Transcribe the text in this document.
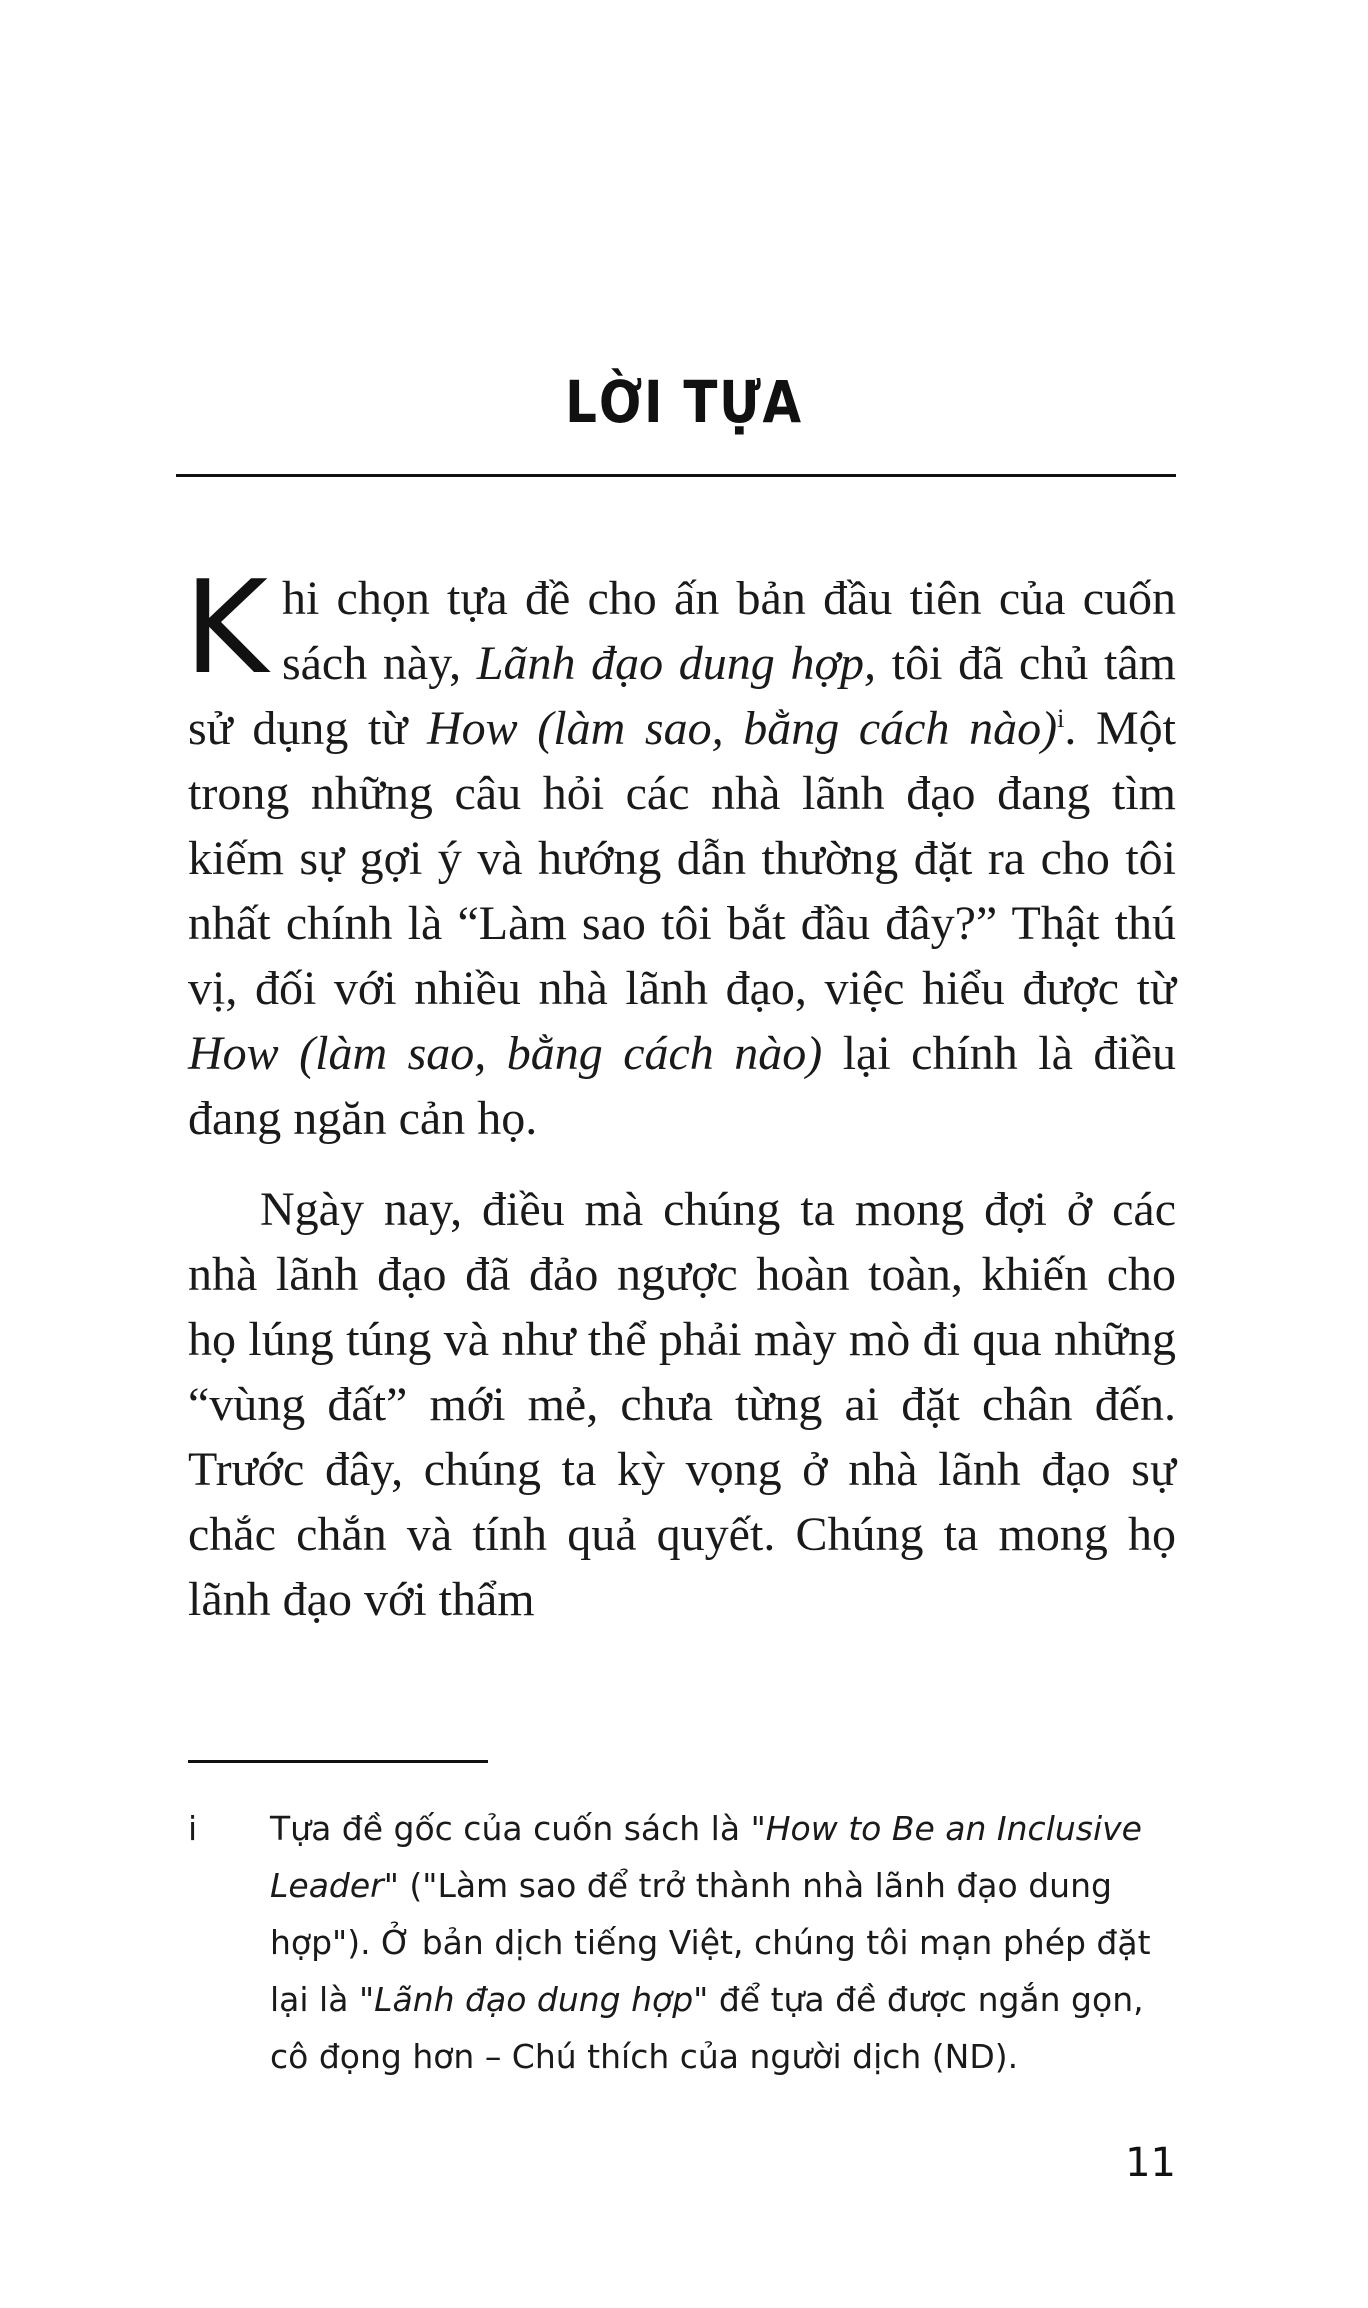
LỜI TỰA

Khi chọn tựa đề cho ấn bản đầu tiên của cuốn sách này, Lãnh đạo dung hợp, tôi đã chủ tâm sử dụng từ How (làm sao, bằng cách nào)$^i$. Một trong những câu hỏi các nhà lãnh đạo đang tìm kiếm sự gợi ý và hướng dẫn thường đặt ra cho tôi nhất chính là “Làm sao tôi bắt đầu đây?” Thật thú vị, đối với nhiều nhà lãnh đạo, việc hiểu được từ How (làm sao, bằng cách nào) lại chính là điều đang ngăn cản họ.

Ngày nay, điều mà chúng ta mong đợi ở các nhà lãnh đạo đã đảo ngược hoàn toàn, khiến cho họ lúng túng và như thể phải mày mò đi qua những “vùng đất” mới mẻ, chưa từng ai đặt chân đến. Trước đây, chúng ta kỳ vọng ở nhà lãnh đạo sự chắc chắn và tính quả quyết. Chúng ta mong họ lãnh đạo với thẩm

i	Tựa đề gốc của cuốn sách là "How to Be an Inclusive Leader" ("Làm sao để trở thành nhà lãnh đạo dung hợp"). Ở bản dịch tiếng Việt, chúng tôi mạn phép đặt lại là "Lãnh đạo dung hợp" để tựa đề được ngắn gọn, cô đọng hơn – Chú thích của người dịch (ND).
11
